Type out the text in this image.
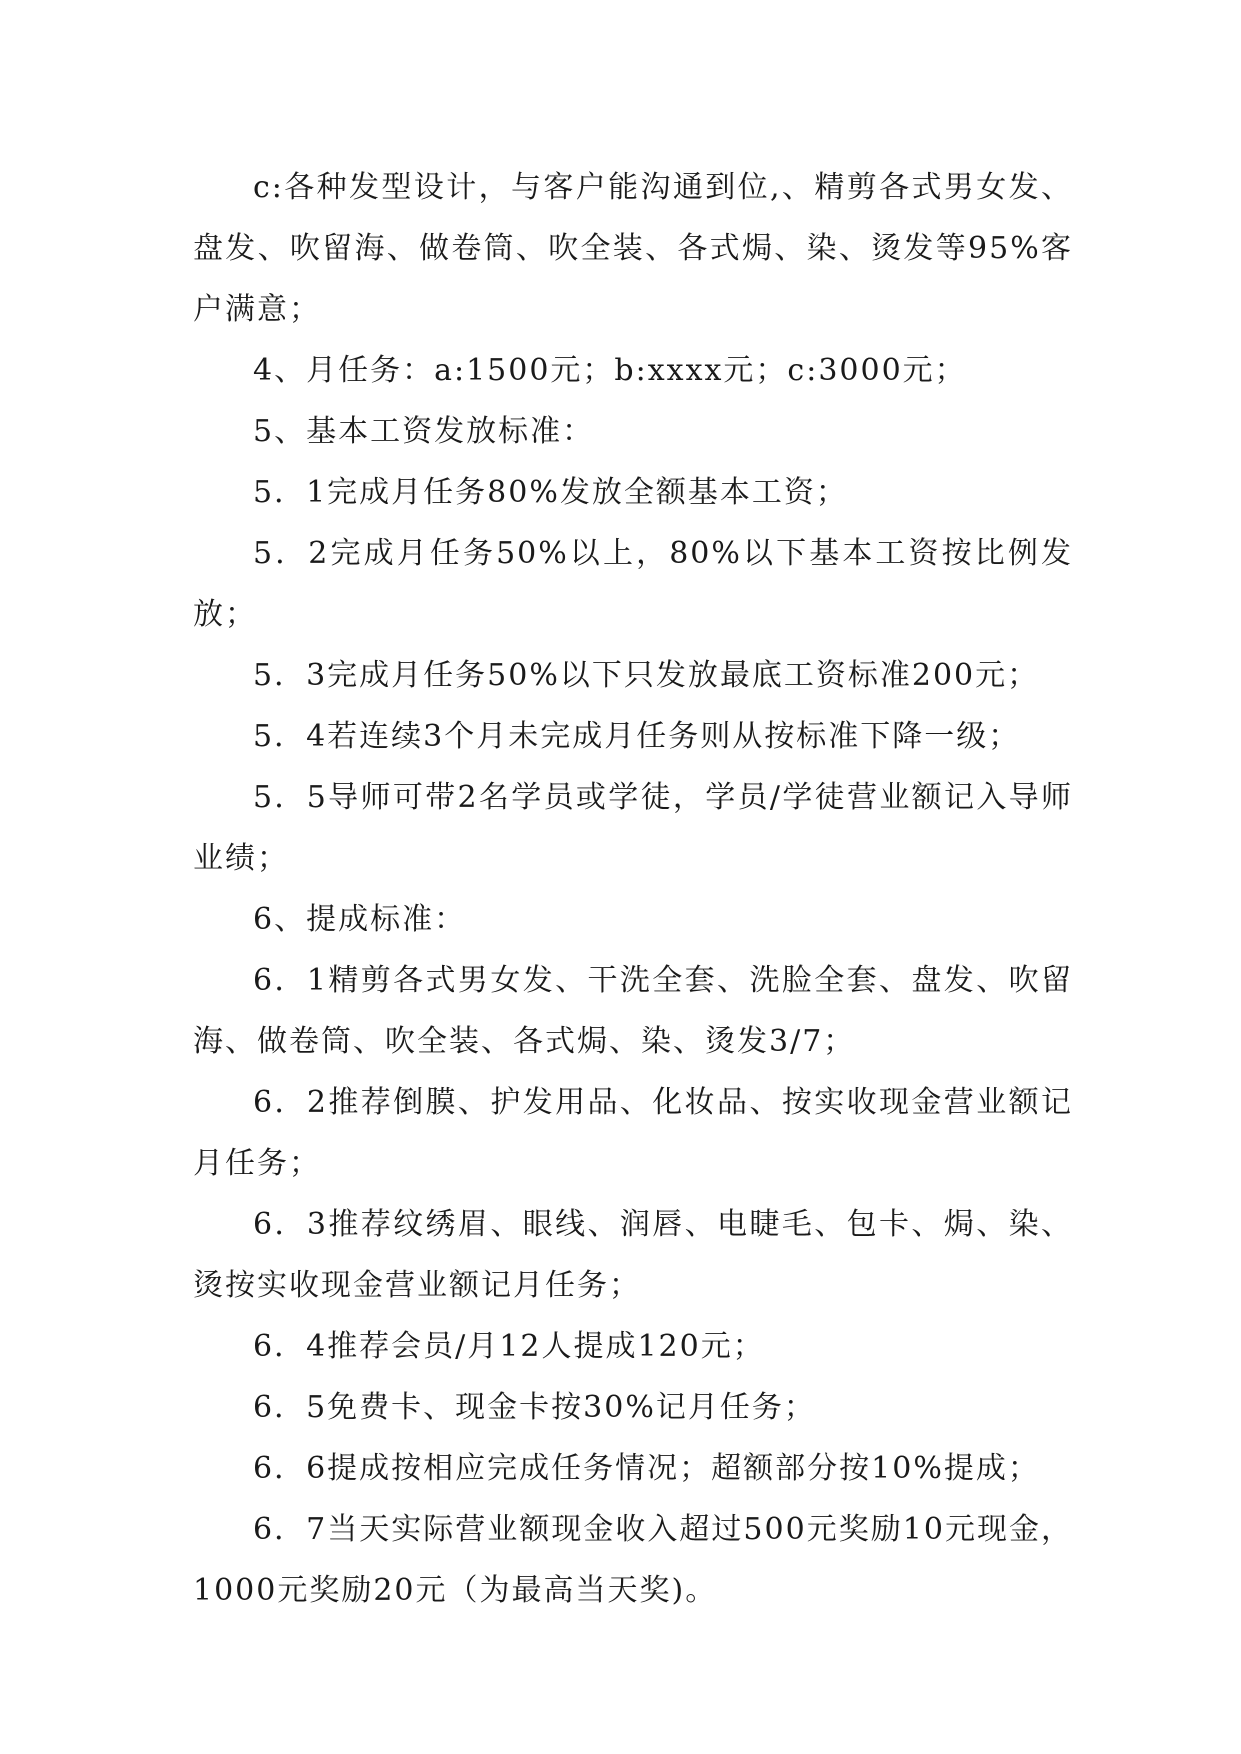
c:各种发型设计，与客户能沟通到位,、精剪各式男女发、盘发、吹留海、做卷筒、吹全装、各式焗、染、烫发等95%客户满意；

4、月任务：a:1500元；b:xxxx元；c:3000元；

5、基本工资发放标准：

5．1完成月任务80%发放全额基本工资；

5．2完成月任务50%以上，80%以下基本工资按比例发放；

5．3完成月任务50%以下只发放最底工资标准200元；

5．4若连续3个月未完成月任务则从按标准下降一级；

5．5导师可带2名学员或学徒，学员/学徒营业额记入导师业绩；

6、提成标准：

6．1精剪各式男女发、干洗全套、洗脸全套、盘发、吹留海、做卷筒、吹全装、各式焗、染、烫发3/7；

6．2推荐倒膜、护发用品、化妆品、按实收现金营业额记月任务；

6．3推荐纹绣眉、眼线、润唇、电睫毛、包卡、焗、染、烫按实收现金营业额记月任务；

6．4推荐会员/月12人提成120元；

6．5免费卡、现金卡按30%记月任务；

6．6提成按相应完成任务情况；超额部分按10%提成；

6．7当天实际营业额现金收入超过500元奖励10元现金，1000元奖励20元（为最高当天奖)。
